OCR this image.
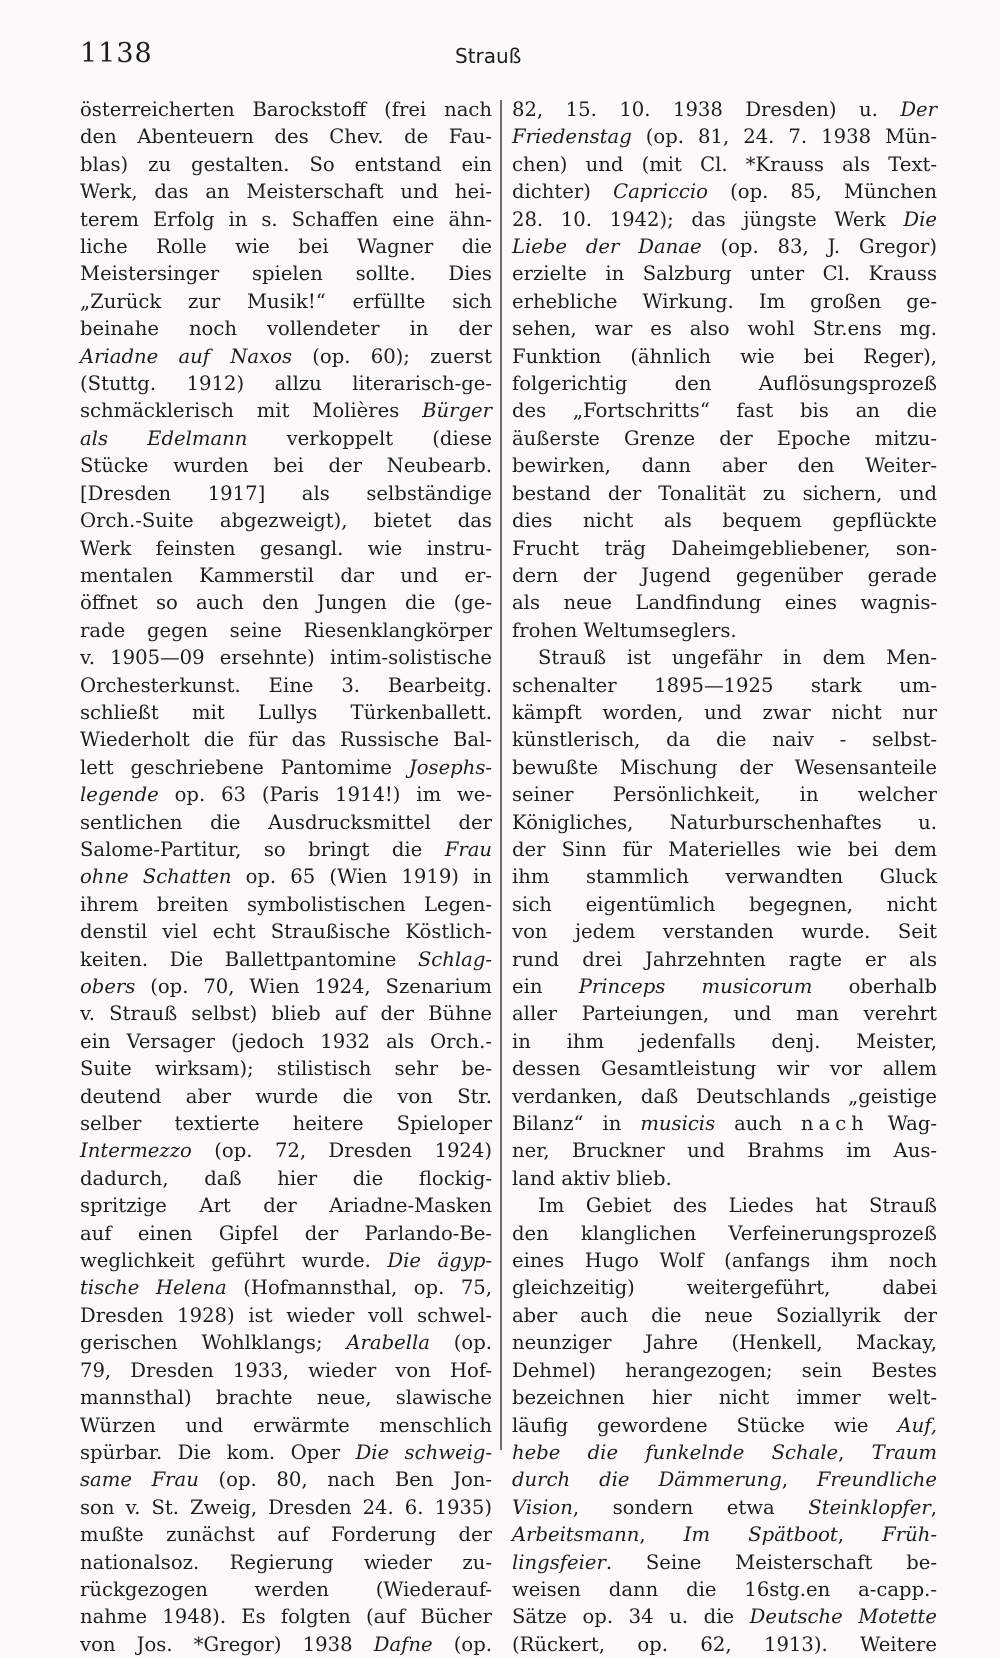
1138	Strauß
österreicherten Barockstoff (frei nach
den Abenteuern des Chev. de Fau-
blas) zu gestalten. So entstand ein
Werk, das an Meisterschaft und hei-
terem Erfolg in s. Schaffen eine ähn-
liche Rolle wie bei Wagner die
Meistersinger spielen sollte. Dies
„Zurück zur Musik!“ erfüllte sich
beinahe noch vollendeter in der
Ariadne auf Naxos (op. 60); zuerst
(Stuttg. 1912) allzu literarisch-ge-
schmäcklerisch mit Molières Bürger
als Edelmann verkoppelt (diese
Stücke wurden bei der Neubearb.
[Dresden 1917] als selbständige
Orch.-Suite abgezweigt), bietet das
Werk feinsten gesangl. wie instru-
mentalen Kammerstil dar und er-
öffnet so auch den Jungen die (ge-
rade gegen seine Riesenklangkörper
v. 1905—09 ersehnte) intim-solistische
Orchesterkunst. Eine 3. Bearbeitg.
schließt mit Lullys Türkenballett.
Wiederholt die für das Russische Bal-
lett geschriebene Pantomime Josephs-
legende op. 63 (Paris 1914!) im we-
sentlichen die Ausdrucksmittel der
Salome-Partitur, so bringt die Frau
ohne Schatten op. 65 (Wien 1919) in
ihrem breiten symbolistischen Legen-
denstil viel echt Straußische Köstlich-
keiten. Die Ballettpantomine Schlag-
obers (op. 70, Wien 1924, Szenarium
v. Strauß selbst) blieb auf der Bühne
ein Versager (jedoch 1932 als Orch.-
Suite wirksam); stilistisch sehr be-
deutend aber wurde die von Str.
selber textierte heitere Spieloper
Intermezzo (op. 72, Dresden 1924)
dadurch, daß hier die flockig-
spritzige Art der Ariadne-Masken
auf einen Gipfel der Parlando-Be-
weglichkeit geführt wurde. Die ägyp-
tische Helena (Hofmannsthal, op. 75,
Dresden 1928) ist wieder voll schwel-
gerischen Wohlklangs; Arabella (op.
79, Dresden 1933, wieder von Hof-
mannsthal) brachte neue, slawische
Würzen und erwärmte menschlich
spürbar. Die kom. Oper Die schweig-
same Frau (op. 80, nach Ben Jon-
son v. St. Zweig, Dresden 24. 6. 1935)
mußte zunächst auf Forderung der
nationalsoz. Regierung wieder zu-
rückgezogen werden (Wiederauf-
nahme 1948). Es folgten (auf Bücher
von Jos. *Gregor) 1938 Dafne (op.
82, 15. 10. 1938 Dresden) u. Der
Friedenstag (op. 81, 24. 7. 1938 Mün-
chen) und (mit Cl. *Krauss als Text-
dichter) Capriccio (op. 85, München
28. 10. 1942); das jüngste Werk Die
Liebe der Danae (op. 83, J. Gregor)
erzielte in Salzburg unter Cl. Krauss
erhebliche Wirkung. Im großen ge-
sehen, war es also wohl Str.ens mg.
Funktion (ähnlich wie bei Reger),
folgerichtig den Auflösungsprozeß
des „Fortschritts“ fast bis an die
äußerste Grenze der Epoche mitzu-
bewirken, dann aber den Weiter-
bestand der Tonalität zu sichern, und
dies nicht als bequem gepflückte
Frucht träg Daheimgebliebener, son-
dern der Jugend gegenüber gerade
als neue Landfindung eines wagnis-
frohen Weltumseglers.
Strauß ist ungefähr in dem Men-
schenalter 1895—1925 stark um-
kämpft worden, und zwar nicht nur
künstlerisch, da die naiv - selbst-
bewußte Mischung der Wesensanteile
seiner Persönlichkeit, in welcher
Königliches, Naturburschenhaftes u.
der Sinn für Materielles wie bei dem
ihm stammlich verwandten Gluck
sich eigentümlich begegnen, nicht
von jedem verstanden wurde. Seit
rund drei Jahrzehnten ragte er als
ein Princeps musicorum oberhalb
aller Parteiungen, und man verehrt
in ihm jedenfalls denj. Meister,
dessen Gesamtleistung wir vor allem
verdanken, daß Deutschlands „geistige
Bilanz“ in musicis auch nach Wag-
ner, Bruckner und Brahms im Aus-
land aktiv blieb.
Im Gebiet des Liedes hat Strauß
den klanglichen Verfeinerungsprozeß
eines Hugo Wolf (anfangs ihm noch
gleichzeitig) weitergeführt, dabei
aber auch die neue Soziallyrik der
neunziger Jahre (Henkell, Mackay,
Dehmel) herangezogen; sein Bestes
bezeichnen hier nicht immer welt-
läufig gewordene Stücke wie Auf,
hebe die funkelnde Schale, Traum
durch die Dämmerung, Freundliche
Vision, sondern etwa Steinklopfer,
Arbeitsmann, Im Spätboot, Früh-
lingsfeier. Seine Meisterschaft be-
weisen dann die 16stg.en a-capp.-
Sätze op. 34 u. die Deutsche Motette
(Rückert, op. 62, 1913). Weitere
